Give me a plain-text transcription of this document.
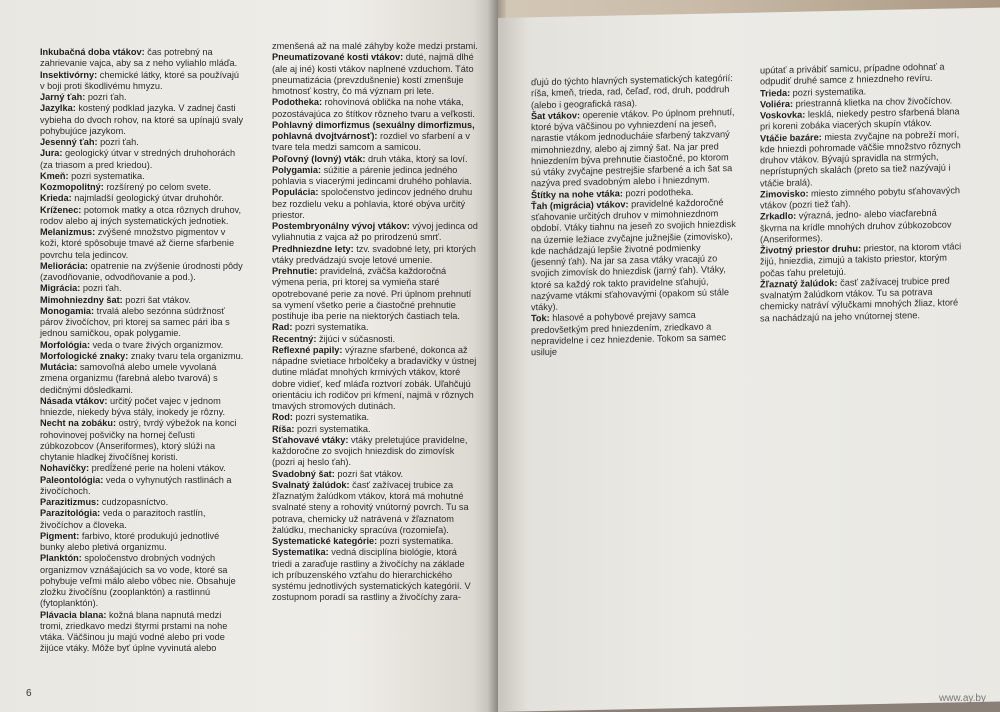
Inkubačná doba vtákov: čas potrebný na zahrievanie vajca, aby sa z neho vyliahlo mláďa.

Insektivórny: chemické látky, ktoré sa používajú v boji proti škodlivému hmyzu.

Jarný ťah: pozri ťah.

Jazylka: kostený podklad jazyka. V zadnej časti vybieha do dvoch rohov, na ktoré sa upínajú svaly pohybujúce jazykom.

Jesenný ťah: pozri ťah.

Jura: geologický útvar v stredných druhohorách (za triasom a pred kriedou).

Kmeň: pozri systematika.

Kozmopolitný: rozšírený po celom svete.

Krieda: najmladší geologický útvar druhohôr.

Kríženec: potomok matky a otca rôznych druhov, rodov alebo aj iných systematických jednotiek.

Melanizmus: zvýšené množstvo pigmentov v koži, ktoré spôsobuje tmavé až čierne sfarbenie povrchu tela jedincov.

Meliorácia: opatrenie na zvýšenie úrodnosti pôdy (zavodňovanie, odvodňovanie a pod.).

Migrácia: pozri ťah.

Mimohniezdny šat: pozri šat vtákov.

Monogamia: trvalá alebo sezónna súdržnosť párov živočíchov, pri ktorej sa samec pári iba s jednou samičkou, opak polygamie.

Morfológia: veda o tvare živých organizmov.

Morfologické znaky: znaky tvaru tela organizmu.

Mutácia: samovoľná alebo umele vyvolaná zmena organizmu (farebná alebo tvarová) s dedičnými dôsledkami.

Násada vtákov: určitý počet vajec v jednom hniezde, niekedy býva stály, inokedy je rôzny.

Necht na zobáku: ostrý, tvrdý výbežok na konci rohovinovej pošvičky na hornej čeľusti zúbkozobcov (Anseriformes), ktorý slúži na chytanie hladkej živočíšnej koristi.

Nohavičky: predĺžené perie na holeni vtákov.

Paleontológia: veda o vyhynutých rastlinách a živočíchoch.

Parazitizmus: cudzopasníctvo.

Parazitológia: veda o parazitoch rastlín, živočíchov a človeka.

Pigment: farbivo, ktoré produkujú jednotlivé bunky alebo pletivá organizmu.

Planktón: spoločenstvo drobných vodných organizmov vznášajúcich sa vo vode, ktoré sa pohybuje veľmi málo alebo vôbec nie. Obsahuje zložku živočíšnu (zooplanktón) a rastlinnú (fytoplanktón).

Plávacia blana: kožná blana napnutá medzi tromi, zriedkavo medzi štyrmi prstami na nohe vtáka. Väčšinou ju majú vodné alebo pri vode žijúce vtáky. Môže byť úplne vyvinutá alebo

zmenšená až na malé záhyby kože medzi prstami.

Pneumatizované kosti vtákov: duté, najmä dlhé (ale aj iné) kosti vtákov naplnené vzduchom. Táto pneumatizácia (prevzdušnenie) kostí zmenšuje hmotnosť kostry, čo má význam pri lete.

Podotheka: rohovinová oblička na nohe vtáka, pozostávajúca zo štítkov rôzneho tvaru a veľkosti.

Pohlavný dimorfizmus (sexuálny dimorfizmus, pohlavná dvojtvárnosť): rozdiel vo sfarbení a v tvare tela medzi samcom a samicou.

Poľovný (lovný) vták: druh vtáka, ktorý sa loví.

Polygamia: súžitie a párenie jedinca jedného pohlavia s viacerými jedincami druhého pohlavia.

Populácia: spoločenstvo jedincov jedného druhu bez rozdielu veku a pohlavia, ktoré obýva určitý priestor.

Postembryonálny vývoj vtákov: vývoj jedinca od vyliahnutia z vajca až po prirodzenú smrť.

Predhniezdne lety: tzv. svadobné lety, pri ktorých vtáky predvádzajú svoje letové umenie.

Prehnutie: pravidelná, zväčša každoročná výmena peria, pri ktorej sa vymieňa staré opotrebované perie za nové. Pri úplnom prehnutí sa vymení všetko perie a čiastočné prehnutie postihuje iba perie na niektorých častiach tela.

Rad: pozri systematika.

Recentný: žijúci v súčasnosti.

Reflexné papily: výrazne sfarbené, dokonca až nápadne svietiace hrbolčeky a bradavičky v ústnej dutine mláďat mnohých krmivých vtákov, ktoré dobre vidieť, keď mláďa roztvorí zobák. Uľahčujú orientáciu ich rodičov pri kŕmení, najmä v rôznych tmavých stromových dutinách.

Rod: pozri systematika.

Ríša: pozri systematika.

Sťahovavé vtáky: vtáky preletujúce pravidelne, každoročne zo svojich hniezdisk do zimovísk (pozri aj heslo ťah).

Svadobný šat: pozri šat vtákov.

Svalnatý žalúdok: časť zažívacej trubice za žľaznatým žalúdkom vtákov, ktorá má mohutné svalnaté steny a rohovitý vnútorný povrch. Tu sa potrava, chemicky už natrávená v žľaznatom žalúdku, mechanicky spracúva (rozomieľa).

Systematické kategórie: pozri systematika.

Systematika: vedná disciplína biológie, ktorá triedi a zaraďuje rastliny a živočíchy na základe ich príbuzenského vzťahu do hierarchického systému jednotlivých systematických kategórií. V zostupnom poradí sa rastliny a živočíchy zara-

6

ďujú do týchto hlavných systematických kategórií: ríša, kmeň, trieda, rad, čeľaď, rod, druh, poddruh (alebo i geografická rasa).

Šat vtákov: operenie vtákov. Po úplnom prehnutí, ktoré býva väčšinou po vyhniezdení na jeseň, narastie vtákom jednoducháie sfarbený takzvaný mimohniezdny, alebo aj zimný šat. Na jar pred hniezdením býva prehnutie čiastočné, po ktorom sú vtáky zvyčajne pestrejšie sfarbené a ich šat sa nazýva pred svadobným alebo i hniezdnym.

Štítky na nohe vtáka: pozri podotheka.

Ťah (migrácia) vtákov: pravidelné každoročné sťahovanie určitých druhov v mimohniezdnom období. Vtáky tiahnu na jeseň zo svojich hniezdisk na územie ležiace zvyčajne južnejšie (zimovisko), kde nachádzajú lepšie životné podmienky (jesenný ťah). Na jar sa zasa vtáky vracajú zo svojich zimovísk do hniezdisk (jarný ťah). Vtáky, ktoré sa každý rok takto pravidelne sťahujú, nazývame vtákmi sťahovavými (opakom sú stále vtáky).

Tok: hlasové a pohybové prejavy samca predovšetkým pred hniezdením, zriedkavo a nepravidelne i cez hniezdenie. Tokom sa samec usiluje

upútať a privábiť samicu, prípadne odohnať a odpudiť druhé samce z hniezdneho revíru.

Trieda: pozri systematika.

Voliéra: priestranná klietka na chov živočíchov.

Voskovka: lesklá, niekedy pestro sfarbená blana pri koreni zobáka viacerých skupín vtákov.

Vtáčie bazáre: miesta zvyčajne na pobreží morí, kde hniezdi pohromade väčšie množstvo rôznych druhov vtákov. Bývajú spravidla na strmých, neprístupných skalách (preto sa tiež nazývajú i vtáčie bralá).

Zimovisko: miesto zimného pobytu sťahovavých vtákov (pozri tiež ťah).

Zrkadlo: výrazná, jedno- alebo viacfarebná škvrna na krídle mnohých druhov zúbkozobcov (Anseriformes).

Životný priestor druhu: priestor, na ktorom vtáci žijú, hniezdia, zimujú a takisto priestor, ktorým počas ťahu preletujú.

Žľaznatý žalúdok: časť zažívacej trubice pred svalnatým žalúdkom vtákov. Tu sa potrava chemicky natráví výlučkami mnohých žliaz, ktoré sa nachádzajú na jeho vnútornej stene.

www.ay.by
